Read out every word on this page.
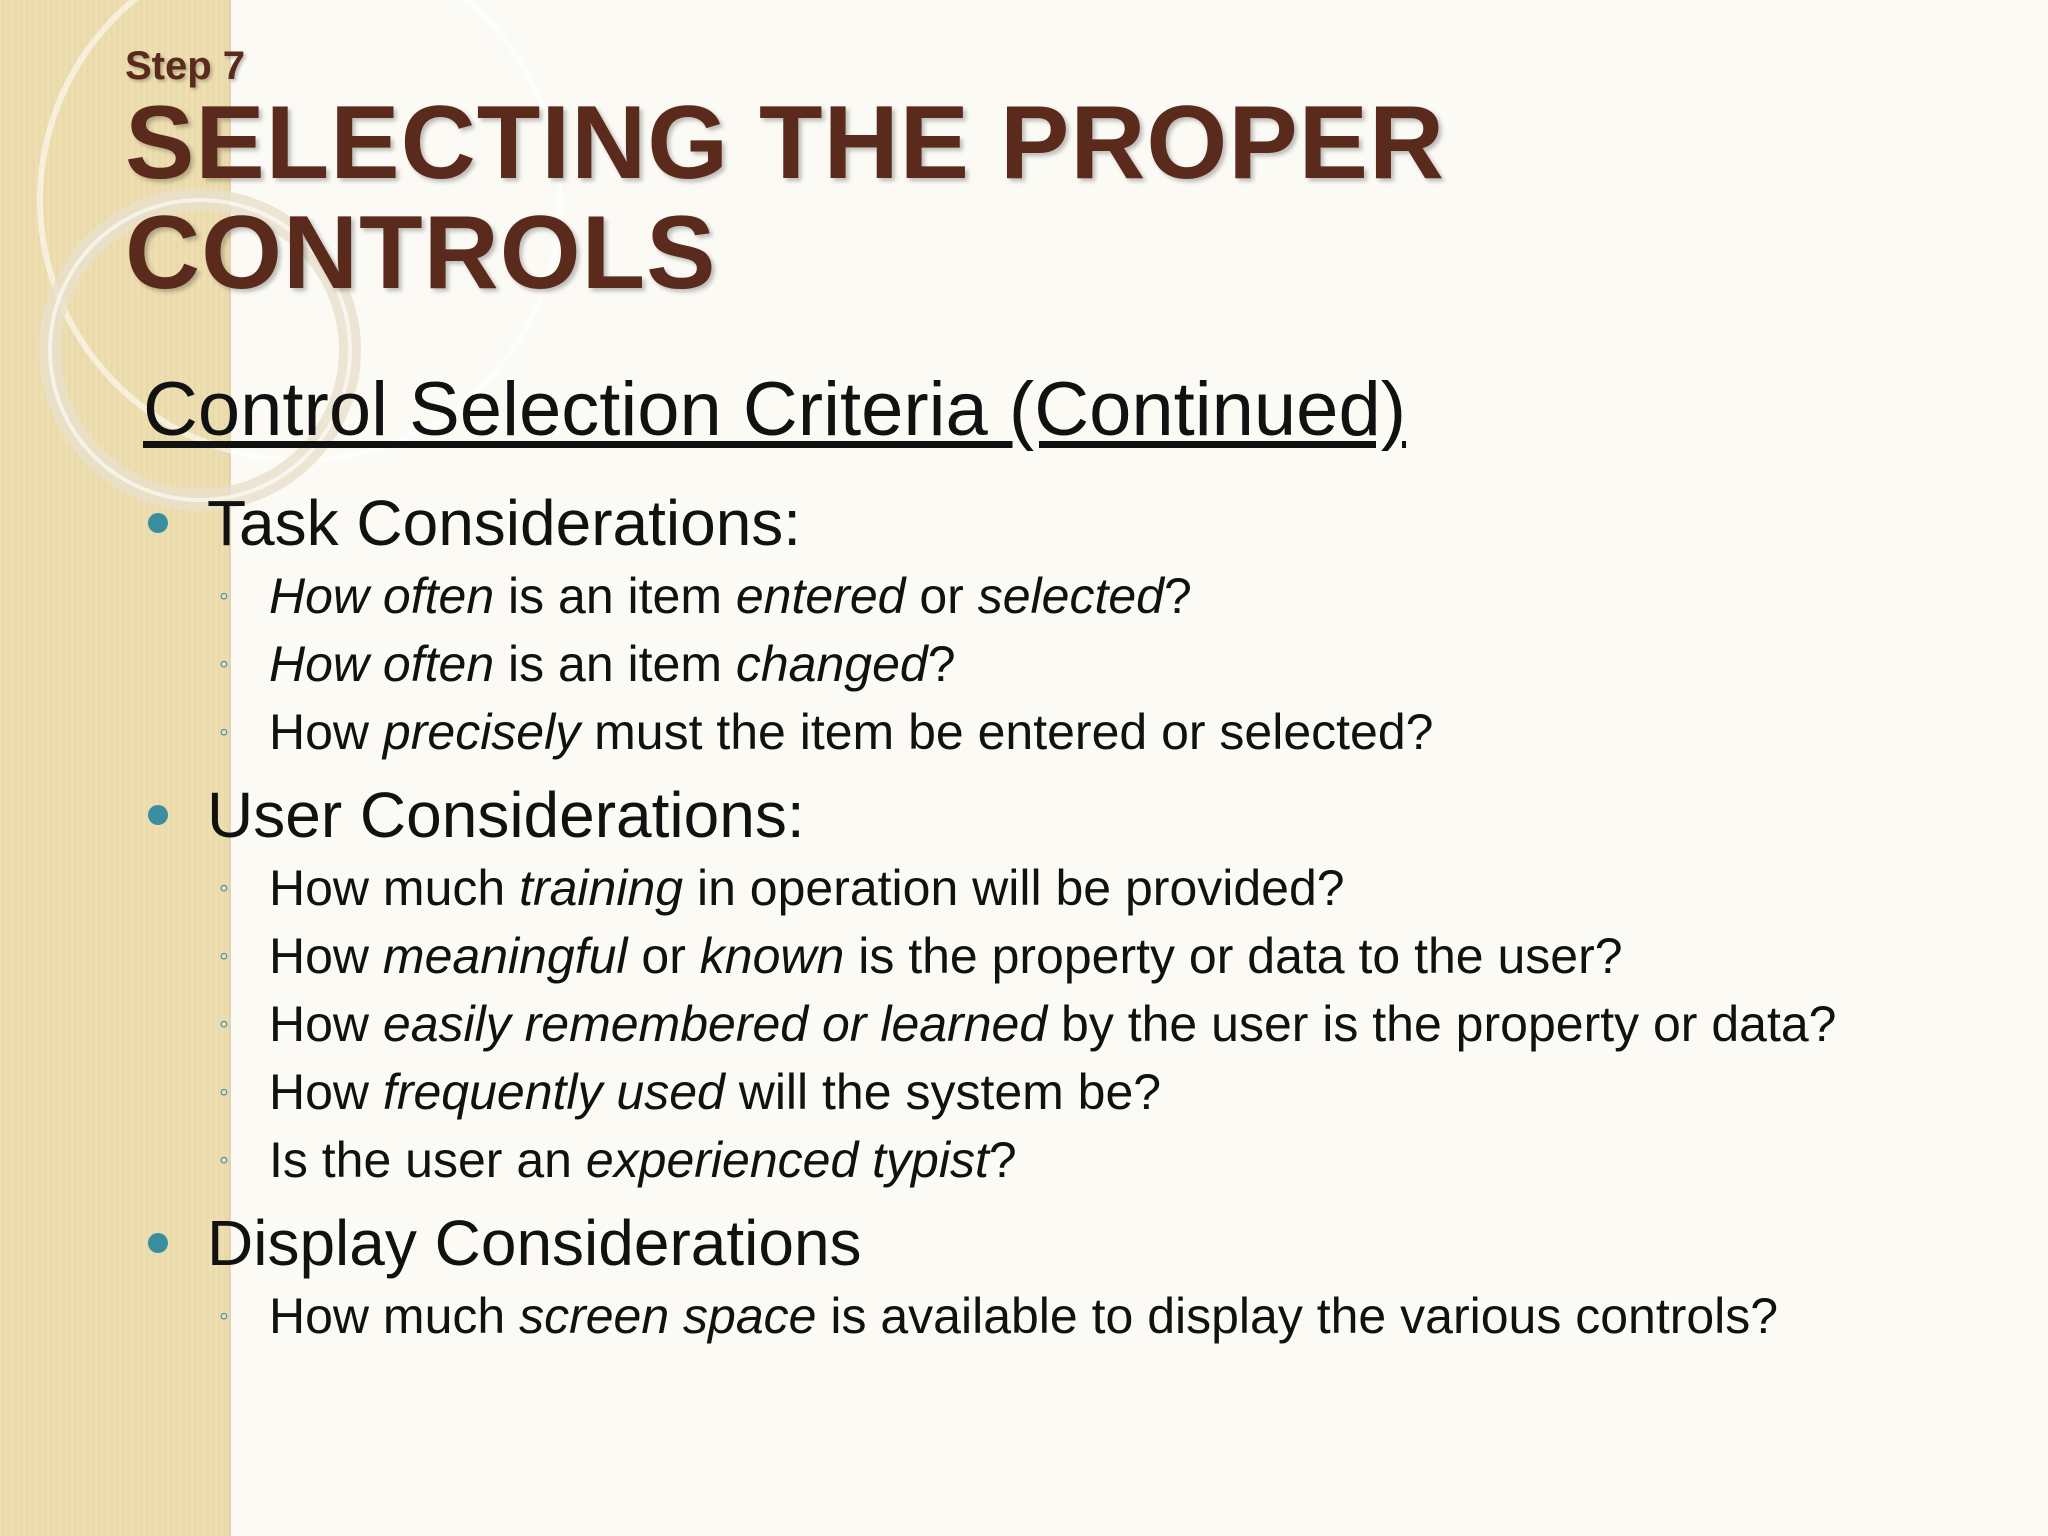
Step 7
SELECTING THE PROPER
CONTROLS
Control Selection Criteria (Continued)
Task Considerations:
◦ How often is an item entered or selected?
◦ How often is an item changed?
◦ How precisely must the item be entered or selected?
User Considerations:
◦ How much training in operation will be provided?
◦ How meaningful or known is the property or data to the user?
◦ How easily remembered or learned by the user is the property or data?
◦ How frequently used will the system be?
◦ Is the user an experienced typist?
Display Considerations
◦ How much screen space is available to display the various controls?
